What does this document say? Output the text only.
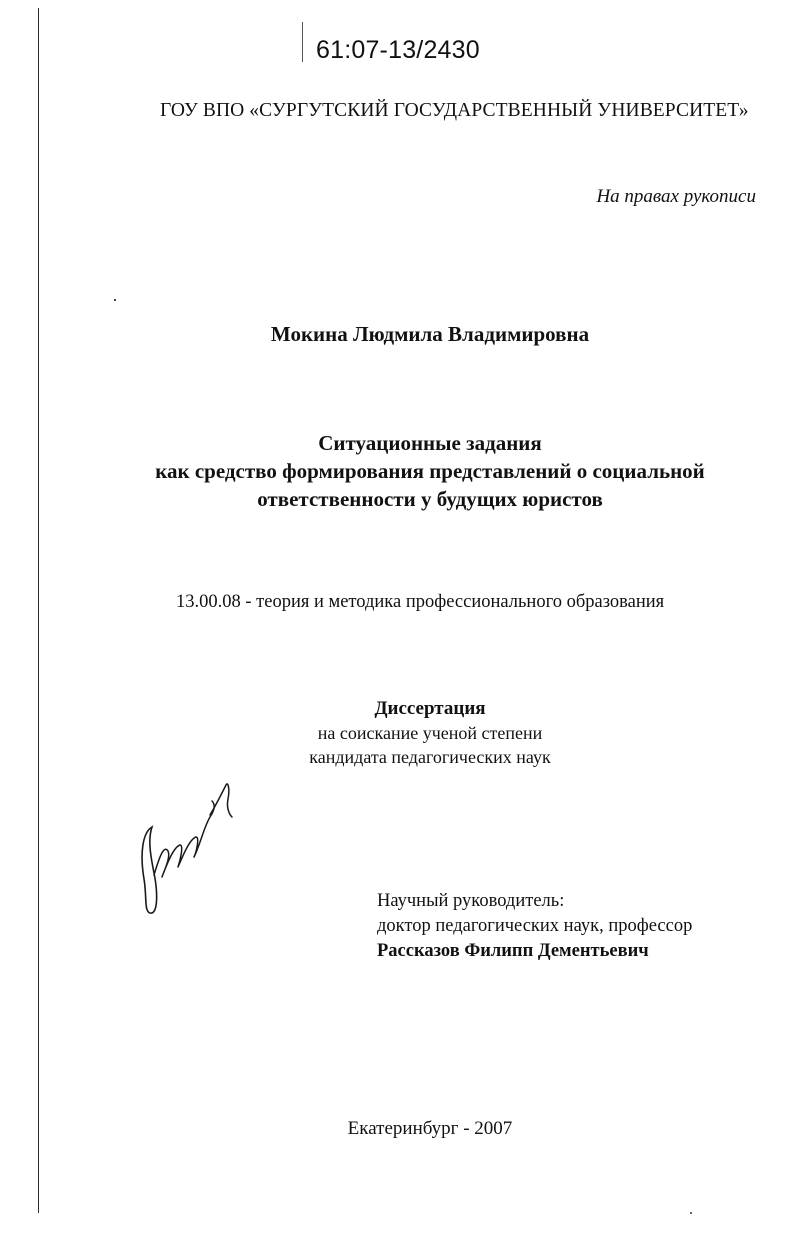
61:07-13/2430
ГОУ ВПО «СУРГУТСКИЙ ГОСУДАРСТВЕННЫЙ УНИВЕРСИТЕТ»
На правах рукописи
Мокина Людмила Владимировна
Ситуационные задания
как средство формирования представлений о социальной
ответственности у будущих юристов
13.00.08 - теория и методика профессионального образования
Диссертация
на соискание ученой степени
кандидата педагогических наук
Научный руководитель:
доктор педагогических наук, профессор
Рассказов Филипп Дементьевич
Екатеринбург - 2007
